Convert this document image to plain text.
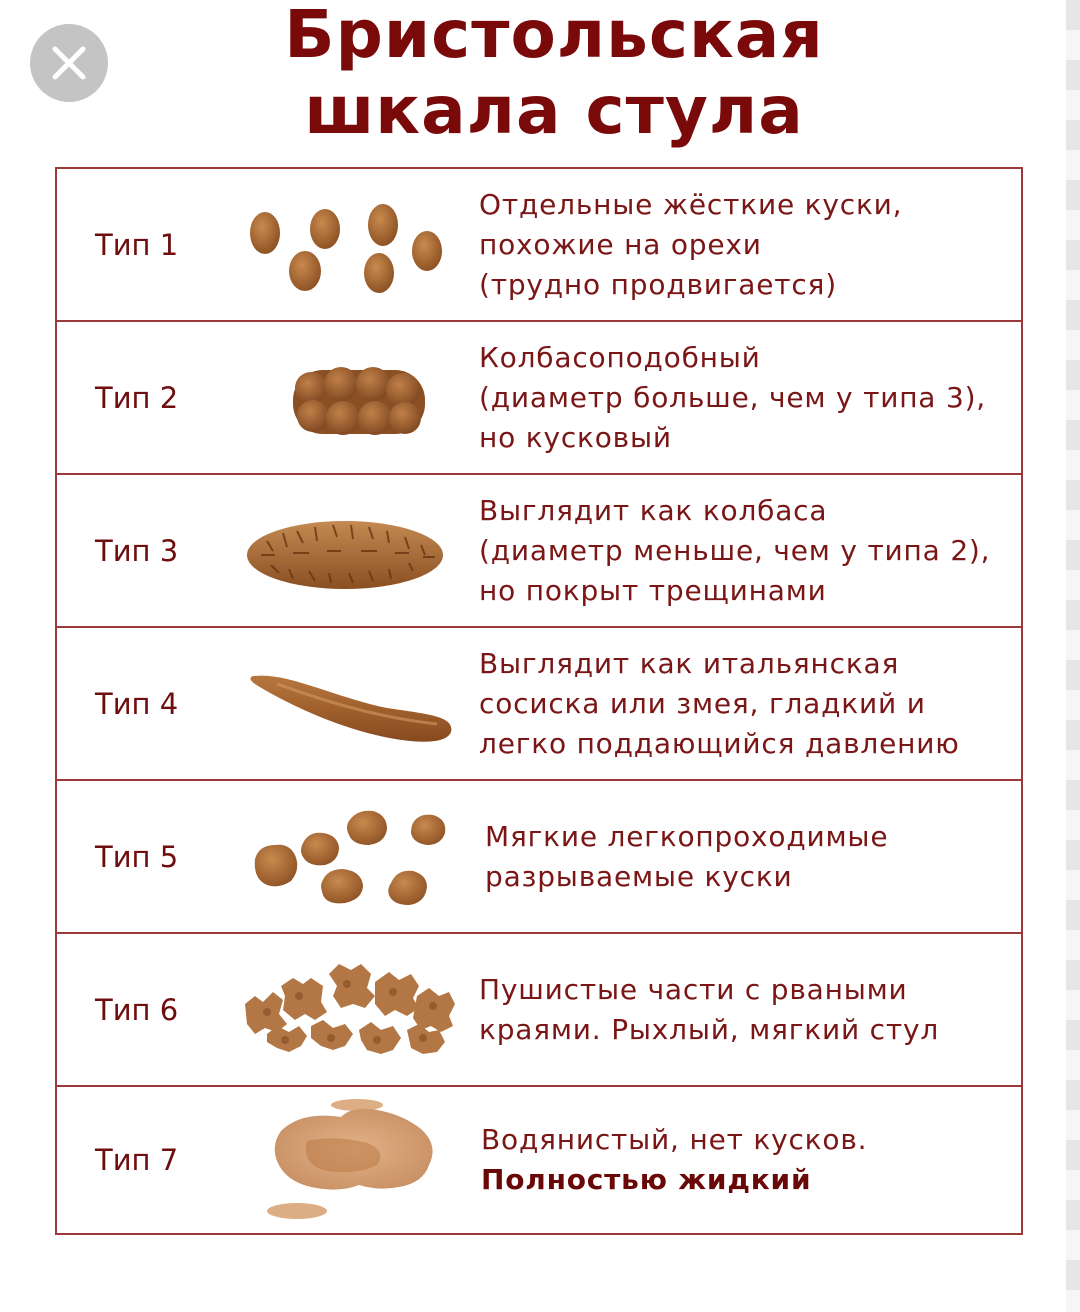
Бристольская
шкала стула
Тип 1
Отдельные жёсткие куски,
похожие на орехи
(трудно продвигается)
Тип 2
Колбасоподобный
(диаметр больше, чем у типа 3),
но кусковый
Тип 3
Выглядит как колбаса
(диаметр меньше, чем у типа 2),
но покрыт трещинами
Тип 4
Выглядит как итальянская
сосиска или змея, гладкий и
легко поддающийся давлению
Тип 5
Мягкие легкопроходимые
разрываемые куски
Тип 6
Пушистые части с рваными
краями. Рыхлый, мягкий стул
Тип 7
Водянистый, нет кусков.
Полностью жидкий
